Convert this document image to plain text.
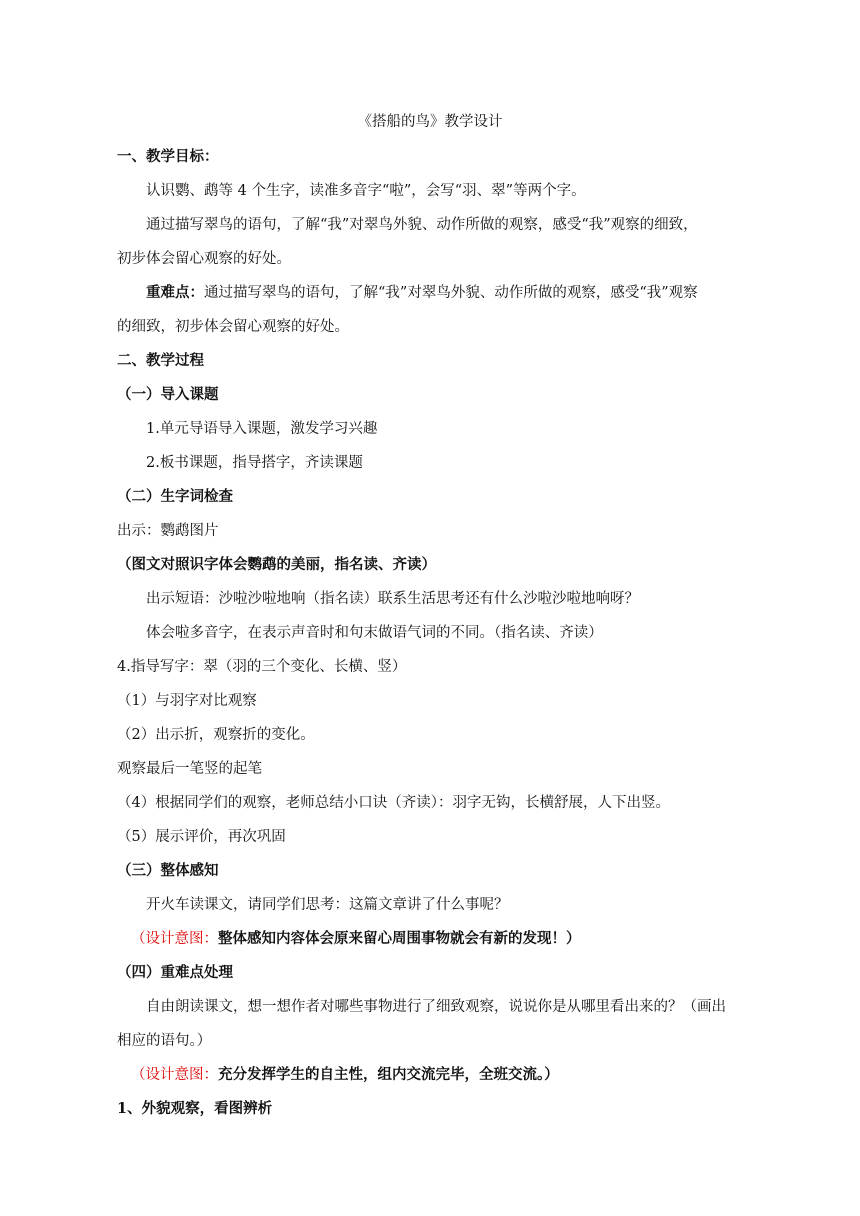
《搭船的鸟》教学设计
一、教学目标：
认识鹦、鹉等 4 个生字，读准多音字“啦”，会写“羽、翠”等两个字。
通过描写翠鸟的语句，了解“我”对翠鸟外貌、动作所做的观察，感受“我”观察的细致，
初步体会留心观察的好处。
重难点：通过描写翠鸟的语句，了解“我”对翠鸟外貌、动作所做的观察，感受“我”观察
的细致，初步体会留心观察的好处。
二、教学过程
（一）导入课题
1.单元导语导入课题，激发学习兴趣
2.板书课题，指导搭字，齐读课题
（二）生字词检查
出示：鹦鹉图片
（图文对照识字体会鹦鹉的美丽，指名读、齐读）
出示短语：沙啦沙啦地响（指名读）联系生活思考还有什么沙啦沙啦地响呀？
体会啦多音字，在表示声音时和句末做语气词的不同。（指名读、齐读）
4.指导写字：翠（羽的三个变化、长横、竖）
（1）与羽字对比观察
（2）出示折，观察折的变化。
观察最后一笔竖的起笔
（4）根据同学们的观察，老师总结小口诀（齐读）：羽字无钩，长横舒展，人下出竖。
（5）展示评价，再次巩固
（三）整体感知
开火车读课文，请同学们思考：这篇文章讲了什么事呢？
（设计意图：整体感知内容体会原来留心周围事物就会有新的发现！）
（四）重难点处理
自由朗读课文，想一想作者对哪些事物进行了细致观察，说说你是从哪里看出来的？（画出
相应的语句。）
（设计意图：充分发挥学生的自主性，组内交流完毕，全班交流。）
1、外貌观察，看图辨析
